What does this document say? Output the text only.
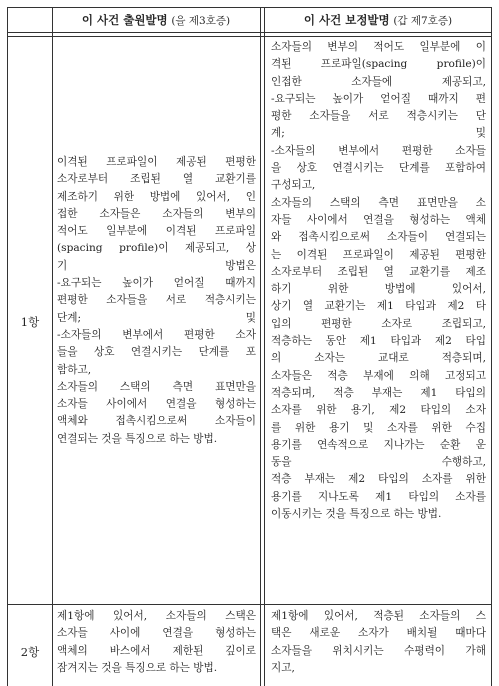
이 사건 출원발명 (을 제3호증)	이 사건 보정발명 (갑 제7호증)
1항
이격된 프로파일이 제공된 편평한
소자로부터 조립된 열 교환기를
제조하기 위한 방법에 있어서, 인
접한 소자들은 소자들의 변부의
적어도 일부분에 이격된 프로파일
(spacing profile)이 제공되고, 상
기 방법은
-요구되는 높이가 얻어질 때까지
편평한 소자들을 서로 적층시키는
단계; 및
-소자들의 변부에서 편평한 소자
들을 상호 연결시키는 단계를 포
함하고,
소자들의 스택의 측면 표면만을
소자들 사이에서 연결을 형성하는
액체와 접촉시킴으로써 소자들이
연결되는 것을 특징으로 하는 방법.
소자들의 변부의 적어도 일부분에 이
격된 프로파일(spacing profile)이
인접한 소자들에 제공되고,
-요구되는 높이가 얻어질 때까지 편
평한 소자들을 서로 적층시키는 단
계; 및
-소자들의 변부에서 편평한 소자들
을 상호 연결시키는 단계를 포함하여
구성되고,
소자들의 스택의 측면 표면만을 소
자들 사이에서 연결을 형성하는 액체
와 접촉시킴으로써 소자들이 연결되는
는 이격된 프로파일이 제공된 편평한
소자로부터 조립된 열 교환기를 제조
하기 위한 방법에 있어서,
상기 열 교환기는 제1 타입과 제2 타
입의 편평한 소자로 조립되고,
적층하는 동안 제1 타입과 제2 타입
의 소자는 교대로 적층되며,
소자들은 적층 부재에 의해 고정되고
적층되며, 적층 부재는 제1 타입의
소자를 위한 용기, 제2 타입의 소자
를 위한 용기 및 소자를 위한 수집
용기를 연속적으로 지나가는 순환 운
동을 수행하고,
적층 부재는 제2 타입의 소자를 위한
용기를 지나도록 제1 타입의 소자를
이동시키는 것을 특징으로 하는 방법.
2항
제1항에 있어서, 소자들의 스택은
소자들 사이에 연결을 형성하는
액체의 바스에서 제한된 깊이로
잠겨지는 것을 특징으로 하는 방법.
제1항에 있어서, 적층된 소자들의 스
택은 새로운 소자가 배치될 때마다
소자들을 위치시키는 수평력이 가해
지고,
